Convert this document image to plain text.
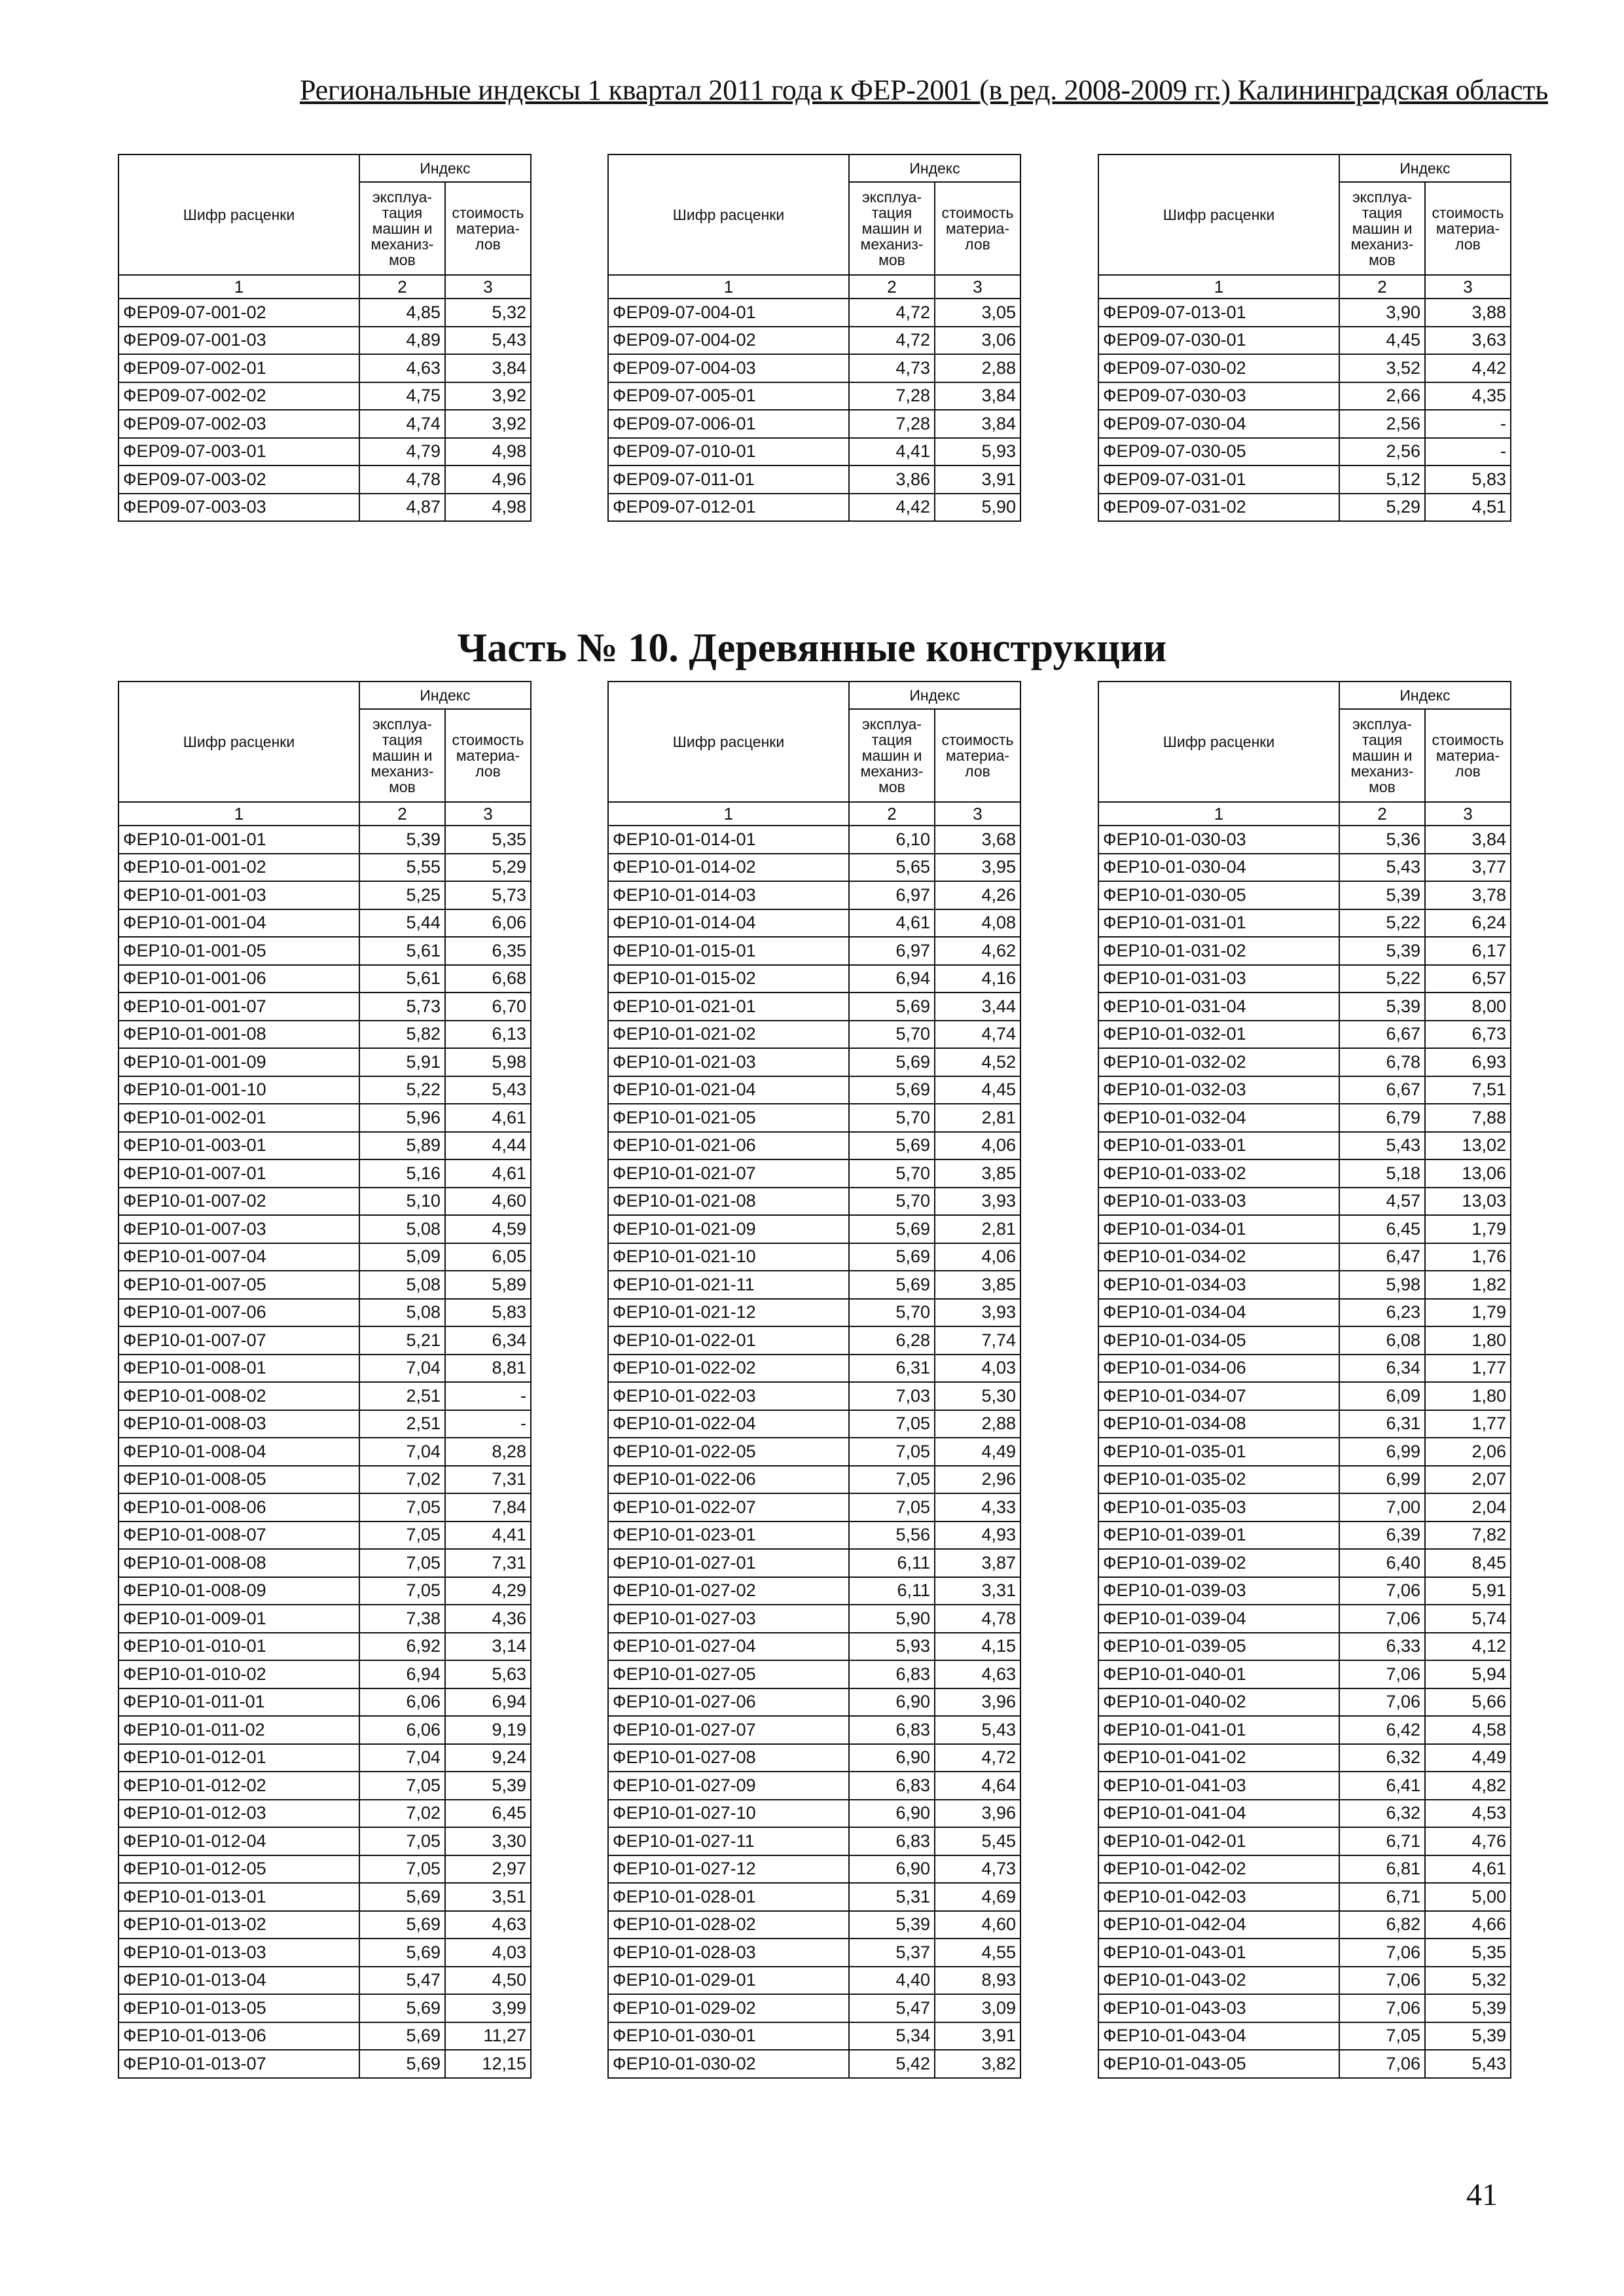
Региональные индексы 1 квартал 2011 года к ФЕР-2001 (в ред. 2008-2009 гг.) Калининградская область
Часть № 10. Деревянные конструкции
41
Шифр расценки	Индекс	
	эксплуа- тация машин и механиз- мов	стоимость материа- лов
1	2	3
ФЕР09-07-001-02	4,85	5,32
ФЕР09-07-001-03	4,89	5,43
ФЕР09-07-002-01	4,63	3,84
ФЕР09-07-002-02	4,75	3,92
ФЕР09-07-002-03	4,74	3,92
ФЕР09-07-003-01	4,79	4,98
ФЕР09-07-003-02	4,78	4,96
ФЕР09-07-003-03	4,87	4,98
Шифр расценки	Индекс	
	эксплуа- тация машин и механиз- мов	стоимость материа- лов
1	2	3
ФЕР09-07-004-01	4,72	3,05
ФЕР09-07-004-02	4,72	3,06
ФЕР09-07-004-03	4,73	2,88
ФЕР09-07-005-01	7,28	3,84
ФЕР09-07-006-01	7,28	3,84
ФЕР09-07-010-01	4,41	5,93
ФЕР09-07-011-01	3,86	3,91
ФЕР09-07-012-01	4,42	5,90
Шифр расценки	Индекс	
	эксплуа- тация машин и механиз- мов	стоимость материа- лов
1	2	3
ФЕР09-07-013-01	3,90	3,88
ФЕР09-07-030-01	4,45	3,63
ФЕР09-07-030-02	3,52	4,42
ФЕР09-07-030-03	2,66	4,35
ФЕР09-07-030-04	2,56	-
ФЕР09-07-030-05	2,56	-
ФЕР09-07-031-01	5,12	5,83
ФЕР09-07-031-02	5,29	4,51
Шифр расценки	Индекс	
	эксплуа- тация машин и механиз- мов	стоимость материа- лов
1	2	3
ФЕР10-01-001-01	5,39	5,35
ФЕР10-01-001-02	5,55	5,29
ФЕР10-01-001-03	5,25	5,73
ФЕР10-01-001-04	5,44	6,06
ФЕР10-01-001-05	5,61	6,35
ФЕР10-01-001-06	5,61	6,68
ФЕР10-01-001-07	5,73	6,70
ФЕР10-01-001-08	5,82	6,13
ФЕР10-01-001-09	5,91	5,98
ФЕР10-01-001-10	5,22	5,43
ФЕР10-01-002-01	5,96	4,61
ФЕР10-01-003-01	5,89	4,44
ФЕР10-01-007-01	5,16	4,61
ФЕР10-01-007-02	5,10	4,60
ФЕР10-01-007-03	5,08	4,59
ФЕР10-01-007-04	5,09	6,05
ФЕР10-01-007-05	5,08	5,89
ФЕР10-01-007-06	5,08	5,83
ФЕР10-01-007-07	5,21	6,34
ФЕР10-01-008-01	7,04	8,81
ФЕР10-01-008-02	2,51	-
ФЕР10-01-008-03	2,51	-
ФЕР10-01-008-04	7,04	8,28
ФЕР10-01-008-05	7,02	7,31
ФЕР10-01-008-06	7,05	7,84
ФЕР10-01-008-07	7,05	4,41
ФЕР10-01-008-08	7,05	7,31
ФЕР10-01-008-09	7,05	4,29
ФЕР10-01-009-01	7,38	4,36
ФЕР10-01-010-01	6,92	3,14
ФЕР10-01-010-02	6,94	5,63
ФЕР10-01-011-01	6,06	6,94
ФЕР10-01-011-02	6,06	9,19
ФЕР10-01-012-01	7,04	9,24
ФЕР10-01-012-02	7,05	5,39
ФЕР10-01-012-03	7,02	6,45
ФЕР10-01-012-04	7,05	3,30
ФЕР10-01-012-05	7,05	2,97
ФЕР10-01-013-01	5,69	3,51
ФЕР10-01-013-02	5,69	4,63
ФЕР10-01-013-03	5,69	4,03
ФЕР10-01-013-04	5,47	4,50
ФЕР10-01-013-05	5,69	3,99
ФЕР10-01-013-06	5,69	11,27
ФЕР10-01-013-07	5,69	12,15
Шифр расценки	Индекс	
	эксплуа- тация машин и механиз- мов	стоимость материа- лов
1	2	3
ФЕР10-01-014-01	6,10	3,68
ФЕР10-01-014-02	5,65	3,95
ФЕР10-01-014-03	6,97	4,26
ФЕР10-01-014-04	4,61	4,08
ФЕР10-01-015-01	6,97	4,62
ФЕР10-01-015-02	6,94	4,16
ФЕР10-01-021-01	5,69	3,44
ФЕР10-01-021-02	5,70	4,74
ФЕР10-01-021-03	5,69	4,52
ФЕР10-01-021-04	5,69	4,45
ФЕР10-01-021-05	5,70	2,81
ФЕР10-01-021-06	5,69	4,06
ФЕР10-01-021-07	5,70	3,85
ФЕР10-01-021-08	5,70	3,93
ФЕР10-01-021-09	5,69	2,81
ФЕР10-01-021-10	5,69	4,06
ФЕР10-01-021-11	5,69	3,85
ФЕР10-01-021-12	5,70	3,93
ФЕР10-01-022-01	6,28	7,74
ФЕР10-01-022-02	6,31	4,03
ФЕР10-01-022-03	7,03	5,30
ФЕР10-01-022-04	7,05	2,88
ФЕР10-01-022-05	7,05	4,49
ФЕР10-01-022-06	7,05	2,96
ФЕР10-01-022-07	7,05	4,33
ФЕР10-01-023-01	5,56	4,93
ФЕР10-01-027-01	6,11	3,87
ФЕР10-01-027-02	6,11	3,31
ФЕР10-01-027-03	5,90	4,78
ФЕР10-01-027-04	5,93	4,15
ФЕР10-01-027-05	6,83	4,63
ФЕР10-01-027-06	6,90	3,96
ФЕР10-01-027-07	6,83	5,43
ФЕР10-01-027-08	6,90	4,72
ФЕР10-01-027-09	6,83	4,64
ФЕР10-01-027-10	6,90	3,96
ФЕР10-01-027-11	6,83	5,45
ФЕР10-01-027-12	6,90	4,73
ФЕР10-01-028-01	5,31	4,69
ФЕР10-01-028-02	5,39	4,60
ФЕР10-01-028-03	5,37	4,55
ФЕР10-01-029-01	4,40	8,93
ФЕР10-01-029-02	5,47	3,09
ФЕР10-01-030-01	5,34	3,91
ФЕР10-01-030-02	5,42	3,82
Шифр расценки	Индекс	
	эксплуа- тация машин и механиз- мов	стоимость материа- лов
1	2	3
ФЕР10-01-030-03	5,36	3,84
ФЕР10-01-030-04	5,43	3,77
ФЕР10-01-030-05	5,39	3,78
ФЕР10-01-031-01	5,22	6,24
ФЕР10-01-031-02	5,39	6,17
ФЕР10-01-031-03	5,22	6,57
ФЕР10-01-031-04	5,39	8,00
ФЕР10-01-032-01	6,67	6,73
ФЕР10-01-032-02	6,78	6,93
ФЕР10-01-032-03	6,67	7,51
ФЕР10-01-032-04	6,79	7,88
ФЕР10-01-033-01	5,43	13,02
ФЕР10-01-033-02	5,18	13,06
ФЕР10-01-033-03	4,57	13,03
ФЕР10-01-034-01	6,45	1,79
ФЕР10-01-034-02	6,47	1,76
ФЕР10-01-034-03	5,98	1,82
ФЕР10-01-034-04	6,23	1,79
ФЕР10-01-034-05	6,08	1,80
ФЕР10-01-034-06	6,34	1,77
ФЕР10-01-034-07	6,09	1,80
ФЕР10-01-034-08	6,31	1,77
ФЕР10-01-035-01	6,99	2,06
ФЕР10-01-035-02	6,99	2,07
ФЕР10-01-035-03	7,00	2,04
ФЕР10-01-039-01	6,39	7,82
ФЕР10-01-039-02	6,40	8,45
ФЕР10-01-039-03	7,06	5,91
ФЕР10-01-039-04	7,06	5,74
ФЕР10-01-039-05	6,33	4,12
ФЕР10-01-040-01	7,06	5,94
ФЕР10-01-040-02	7,06	5,66
ФЕР10-01-041-01	6,42	4,58
ФЕР10-01-041-02	6,32	4,49
ФЕР10-01-041-03	6,41	4,82
ФЕР10-01-041-04	6,32	4,53
ФЕР10-01-042-01	6,71	4,76
ФЕР10-01-042-02	6,81	4,61
ФЕР10-01-042-03	6,71	5,00
ФЕР10-01-042-04	6,82	4,66
ФЕР10-01-043-01	7,06	5,35
ФЕР10-01-043-02	7,06	5,32
ФЕР10-01-043-03	7,06	5,39
ФЕР10-01-043-04	7,05	5,39
ФЕР10-01-043-05	7,06	5,43
